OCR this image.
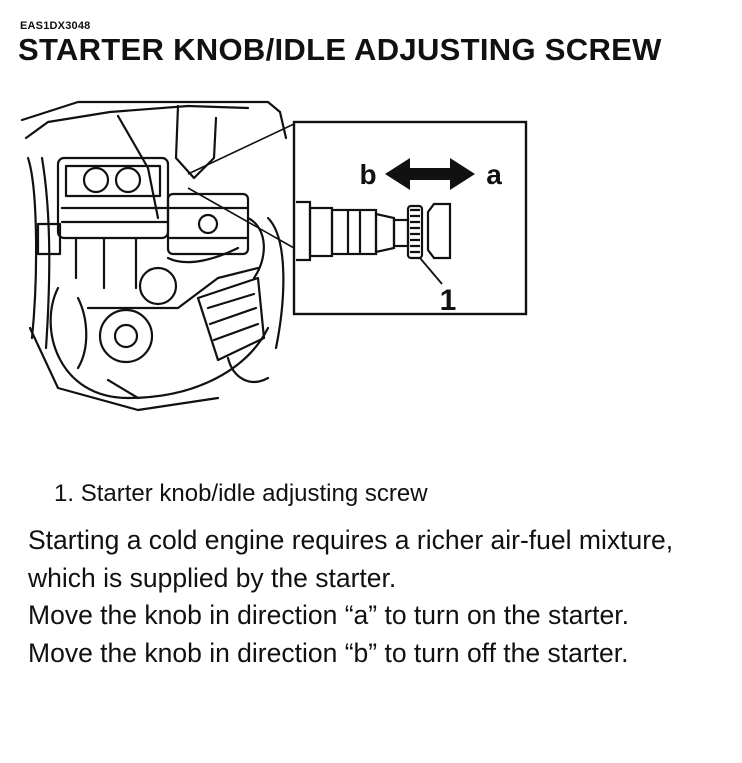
EAS1DX3048
STARTER KNOB/IDLE ADJUSTING SCREW
b	a
1
1. Starter knob/idle adjusting screw

Starting a cold engine requires a richer air-fuel mixture, which is supplied by the starter.

Move the knob in direction “a” to turn on the starter.

Move the knob in direction “b” to turn off the starter.
